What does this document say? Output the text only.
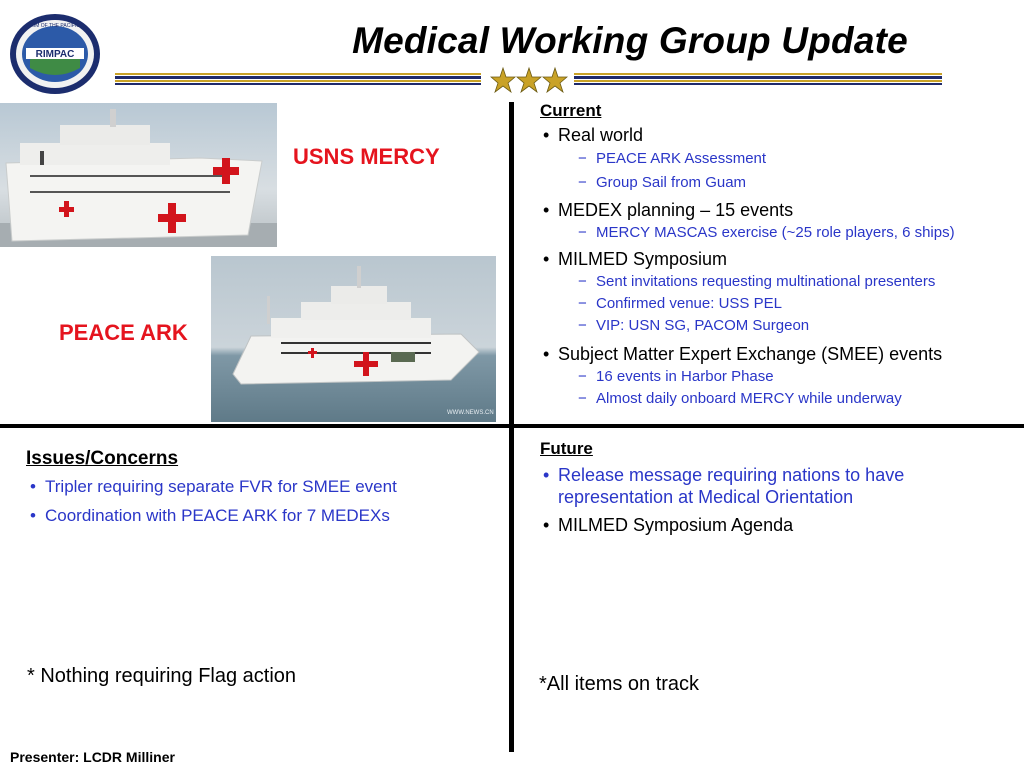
RIMPAC
RIM OF THE PACIFIC	Medical Working Group Update
USNS MERCY
WWW.NEWS.CN
PEACE ARK
Current
• Real world
− PEACE ARK Assessment
− Group Sail from Guam
• MEDEX planning – 15 events
− MERCY MASCAS exercise (~25 role players, 6 ships)
• MILMED Symposium
− Sent invitations requesting multinational presenters
− Confirmed venue: USS PEL
− VIP: USN SG, PACOM Surgeon
• Subject Matter Expert Exchange (SMEE) events
− 16 events in Harbor Phase
− Almost daily onboard MERCY while underway
Issues/Concerns
• Tripler requiring separate FVR for SMEE event
• Coordination with PEACE ARK for 7 MEDEXs
* Nothing requiring Flag action
Future
• Release message requiring nations to have representation at Medical Orientation
• MILMED Symposium Agenda
*All items on track
Presenter: LCDR Milliner
